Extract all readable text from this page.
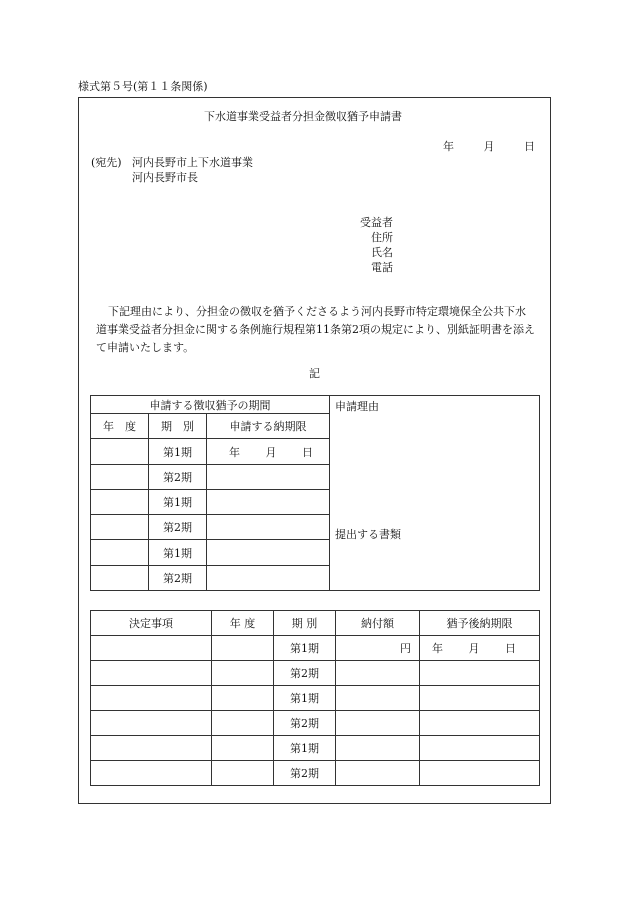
様式第５号(第１１条関係)
下水道事業受益者分担金徴収猶予申請書
年	月	日
(宛先) 河内長野市上下水道事業
河内長野市長
受益者
住所
氏名
電話
下記理由により、分担金の徴収を猶予くださるよう河内長野市特定環境保全公共下水道事業受益者分担金に関する条例施行規程第11条第2項の規定により、別紙証明書を添えて申請いたします。
記
申請する徴収猶予の期間			申請理由
提出する書類

年　度	期　別	申請する納期限	
	第1期	年 月 日	
	第2期		
	第1期		
	第2期		
	第1期		
	第2期		
決定事項	年 度	期 別	納付額	猶予後納期限
		第1期	円	年 月 日
		第2期		
		第1期		
		第2期		
		第1期		
		第2期		
